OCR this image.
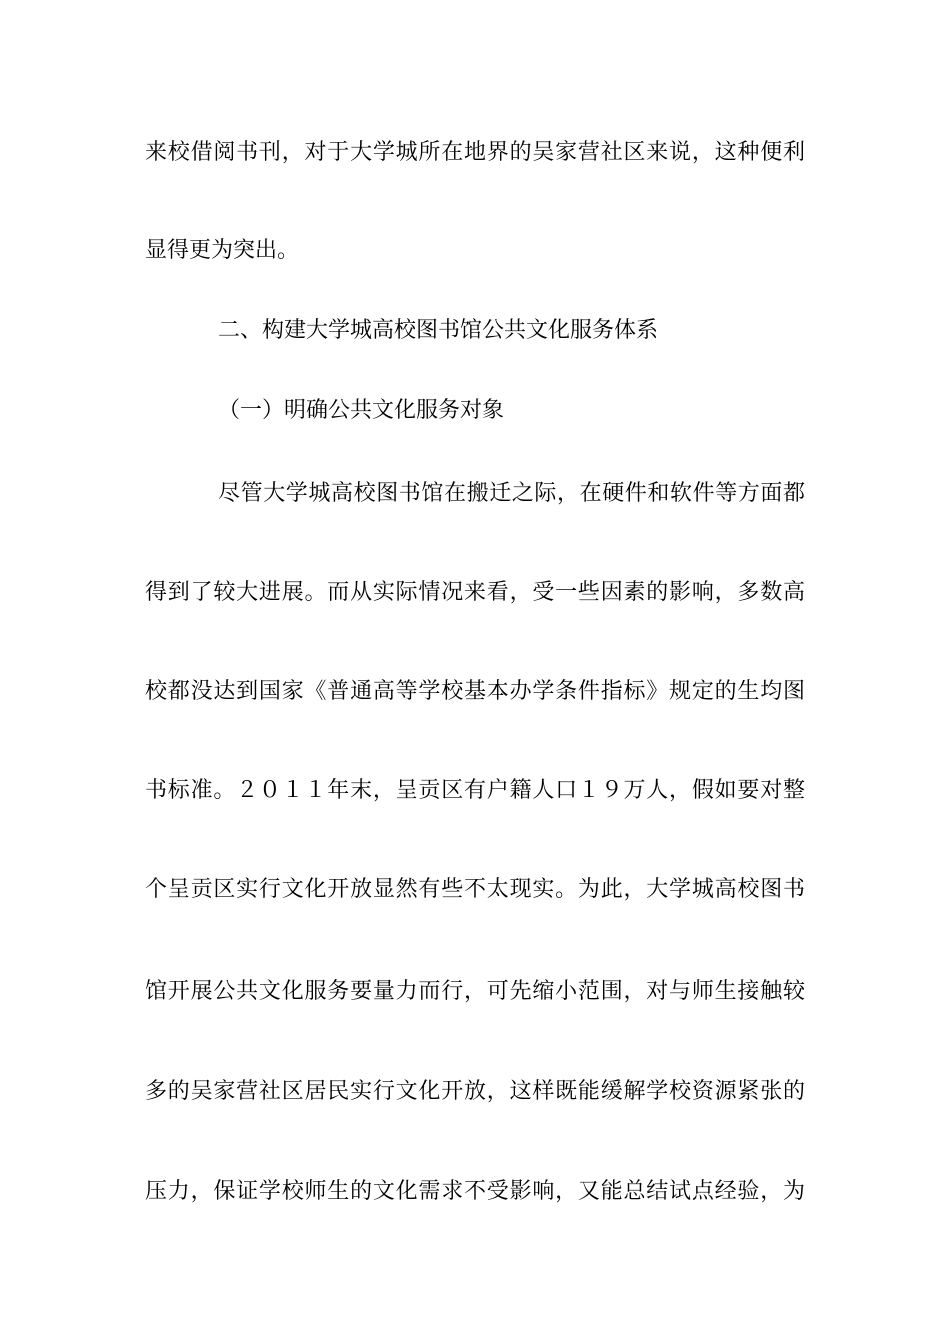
来校借阅书刊，对于大学城所在地界的吴家营社区来说，这种便利
显得更为突出。
二、构建大学城高校图书馆公共文化服务体系
（一）明确公共文化服务对象
尽管大学城高校图书馆在搬迁之际，在硬件和软件等方面都
得到了较大进展。而从实际情况来看，受一些因素的影响，多数高
校都没达到国家《普通高等学校基本办学条件指标》规定的生均图
书标准。２０１１年末，呈贡区有户籍人口１９万人，假如要对整
个呈贡区实行文化开放显然有些不太现实。为此，大学城高校图书
馆开展公共文化服务要量力而行，可先缩小范围，对与师生接触较
多的吴家营社区居民实行文化开放，这样既能缓解学校资源紧张的
压力，保证学校师生的文化需求不受影响，又能总结试点经验，为
